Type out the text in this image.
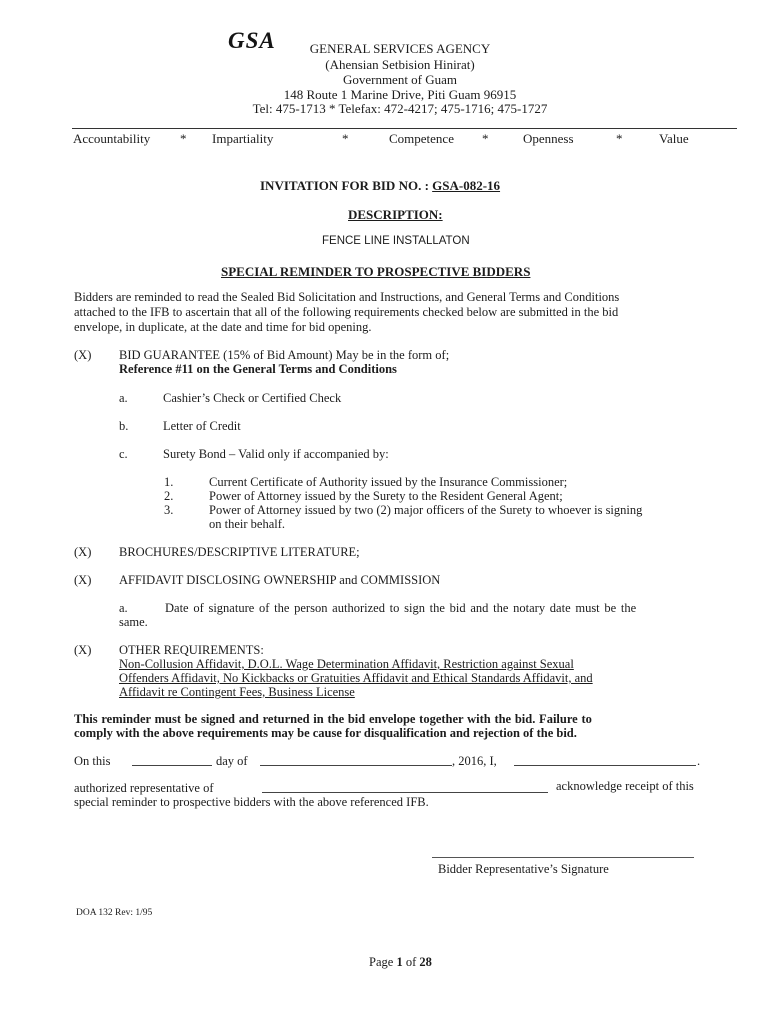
GSA	GENERAL SERVICES AGENCY
(Ahensian Setbision Hinirat)
Government of Guam
148 Route 1 Marine Drive, Piti Guam 96915
Tel: 475-1713 * Telefax: 472-4217; 475-1716; 475-1727
Accountability * Impartiality	*	Competence *	Openness	*	Value
INVITATION FOR BID NO. : GSA-082-16
DESCRIPTION:
FENCE LINE INSTALLATON
SPECIAL REMINDER TO PROSPECTIVE BIDDERS
Bidders are reminded to read the Sealed Bid Solicitation and Instructions, and General Terms and Conditions
attached to the IFB to ascertain that all of the following requirements checked below are submitted in the bid
envelope, in duplicate, at the date and time for bid opening.
(X) BID GUARANTEE (15% of Bid Amount) May be in the form of;
Reference #11 on the General Terms and Conditions
a.	Cashier’s Check or Certified Check
b.	Letter of Credit
c.	Surety Bond – Valid only if accompanied by:
1.	Current Certificate of Authority issued by the Insurance Commissioner;
2.	Power of Attorney issued by the Surety to the Resident General Agent;
3.	Power of Attorney issued by two (2) major officers of the Surety to whoever is signing
on their behalf.
(X) BROCHURES/DESCRIPTIVE LITERATURE;
(X) AFFIDAVIT DISCLOSING OWNERSHIP and COMMISSION
a.	Date of signature of the person authorized to sign the bid and the notary date must be the
same.
(X) OTHER REQUIREMENTS:
Non-Collusion Affidavit, D.O.L. Wage Determination Affidavit, Restriction against Sexual
Offenders Affidavit, No Kickbacks or Gratuities Affidavit and Ethical Standards Affidavit, and
Affidavit re Contingent Fees, Business License
This reminder must be signed and returned in the bid envelope together with the bid. Failure to
comply with the above requirements may be cause for disqualification and rejection of the bid.
On this	day of	, 2016, I,	.
authorized representative of	acknowledge receipt of this
special reminder to prospective bidders with the above referenced IFB.
Bidder Representative’s Signature
DOA 132 Rev: 1/95
Page 1 of 28
